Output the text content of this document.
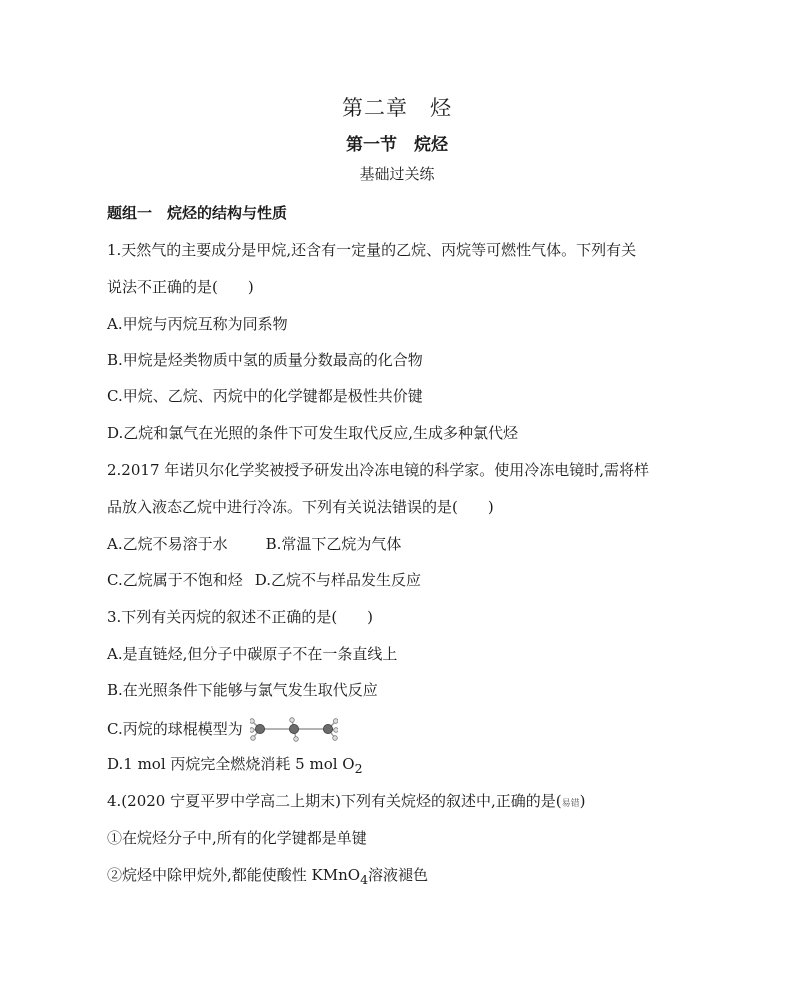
第二章　烃
第一节　烷烃
基础过关练
题组一　烷烃的结构与性质
1.天然气的主要成分是甲烷,还含有一定量的乙烷、丙烷等可燃性气体。下列有关
说法不正确的是(　　)
A.甲烷与丙烷互称为同系物
B.甲烷是烃类物质中氢的质量分数最高的化合物
C.甲烷、乙烷、丙烷中的化学键都是极性共价键
D.乙烷和氯气在光照的条件下可发生取代反应,生成多种氯代烃
2.2017 年诺贝尔化学奖被授予研发出冷冻电镜的科学家。使用冷冻电镜时,需将样
品放入液态乙烷中进行冷冻。下列有关说法错误的是(　　)
A.乙烷不易溶于水	B.常温下乙烷为气体
C.乙烷属于不饱和烃 D.乙烷不与样品发生反应
3.下列有关丙烷的叙述不正确的是(　　)
A.是直链烃,但分子中碳原子不在一条直线上
B.在光照条件下能够与氯气发生取代反应
C.丙烷的球棍模型为
D.1 mol 丙烷完全燃烧消耗 5 mol $O_2$
4.(2020 宁夏平罗中学高二上期末)下列有关烷烃的叙述中,正确的是(易错)
①在烷烃分子中,所有的化学键都是单键
②烷烃中除甲烷外,都能使酸性 KMnO$_4$溶液褪色
